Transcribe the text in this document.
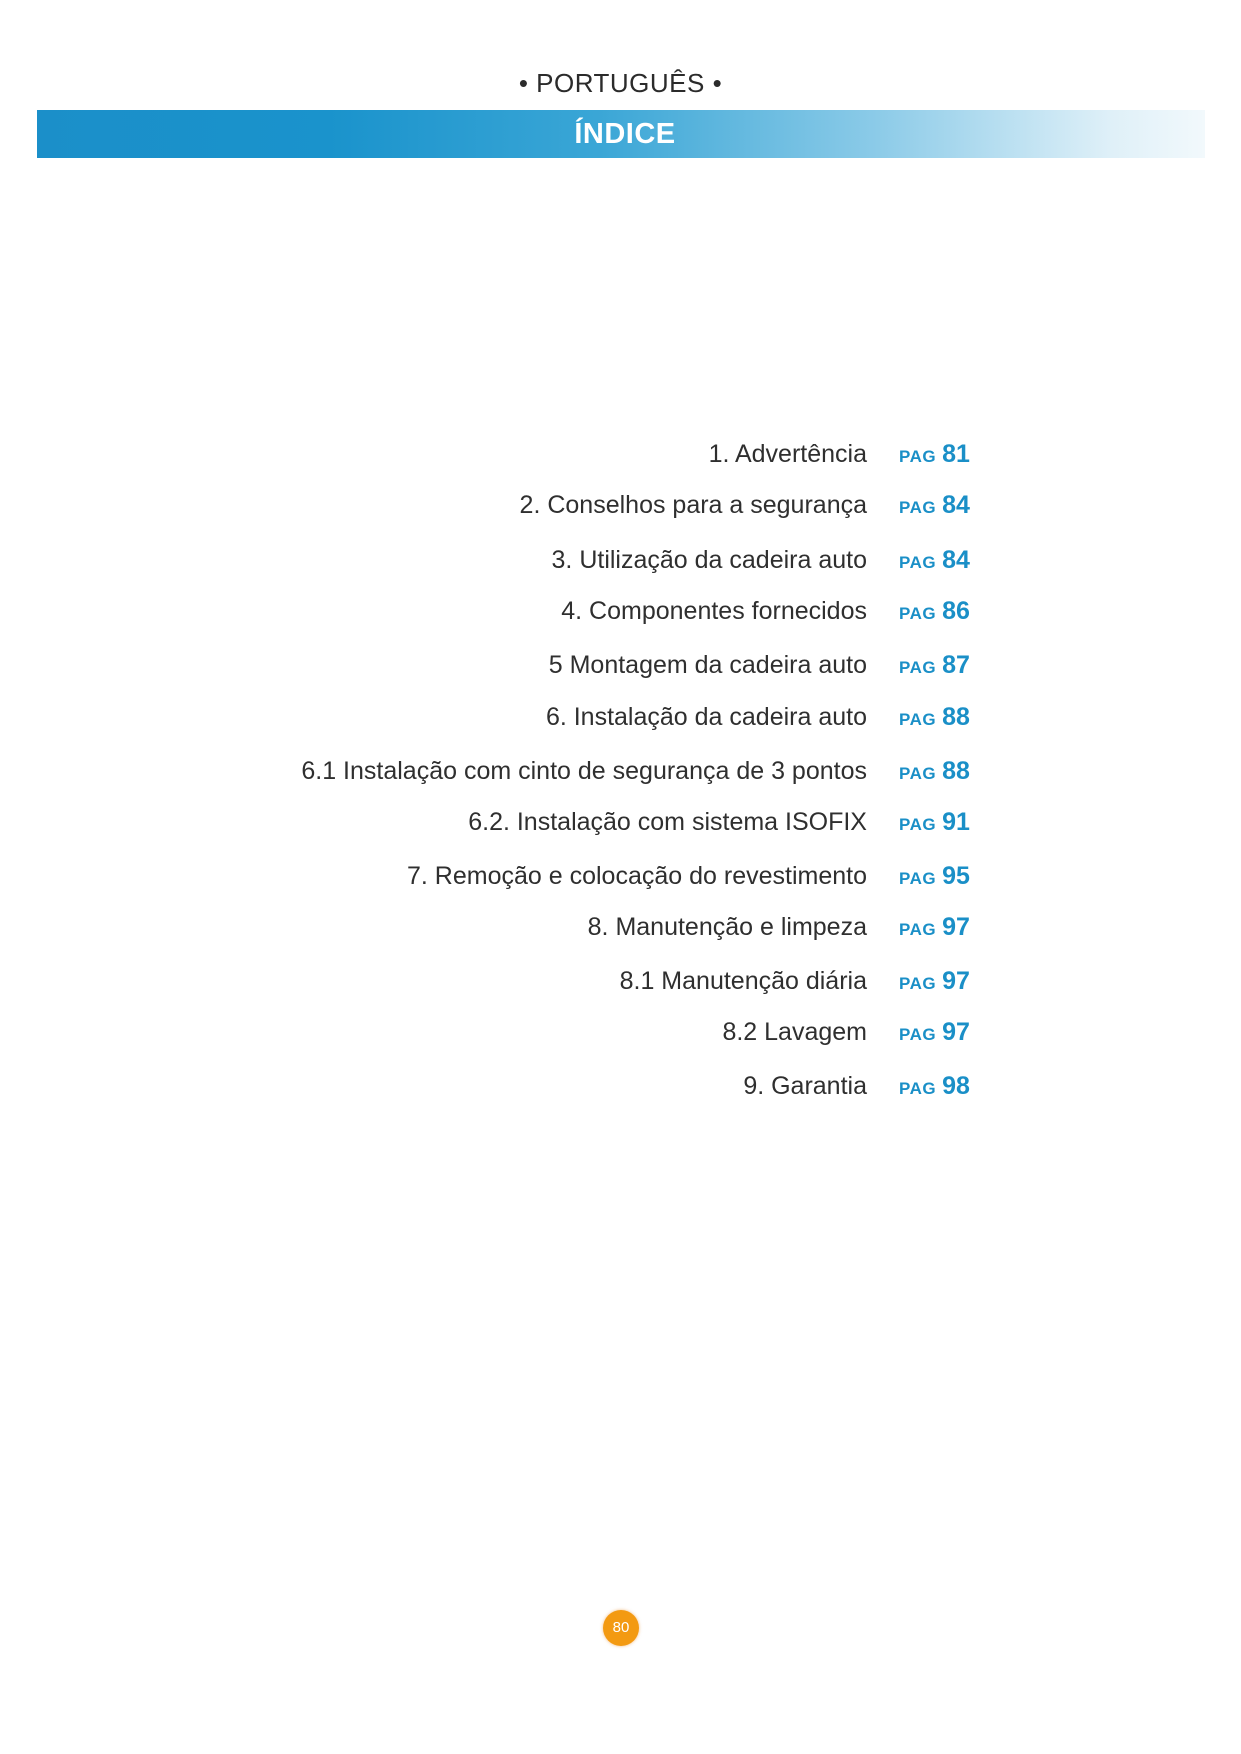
• PORTUGUÊS •
ÍNDICE
1. Advertência PAG 81
2. Conselhos para a segurança PAG 84
3. Utilização da cadeira auto PAG 84
4. Componentes fornecidos PAG 86
5 Montagem da cadeira auto PAG 87
6. Instalação da cadeira auto PAG 88
6.1 Instalação com cinto de segurança de 3 pontos PAG 88
6.2. Instalação com sistema ISOFIX PAG 91
7. Remoção e colocação do revestimento PAG 95
8. Manutenção e limpeza PAG 97
8.1 Manutenção diária PAG 97
8.2 Lavagem PAG 97
9. Garantia PAG 98
80
